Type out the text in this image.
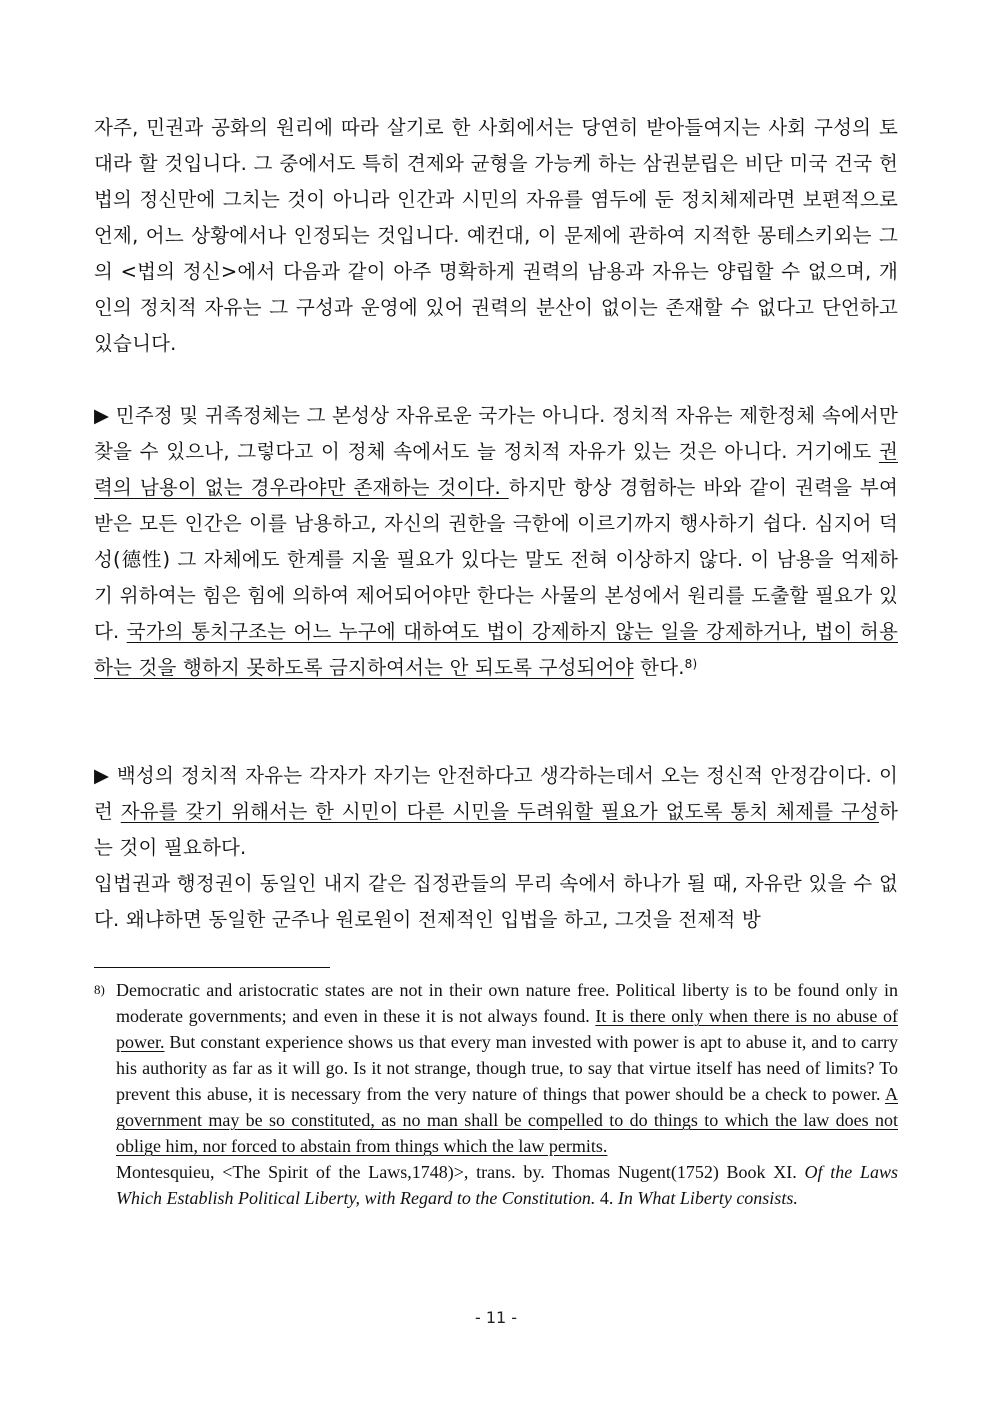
자주, 민권과 공화의 원리에 따라 살기로 한 사회에서는 당연히 받아들여지는 사회 구성의 토대라 할 것입니다. 그 중에서도 특히 견제와 균형을 가능케 하는 삼권분립은 비단 미국 건국 헌법의 정신만에 그치는 것이 아니라 인간과 시민의 자유를 염두에 둔 정치체제라면 보편적으로 언제, 어느 상황에서나 인정되는 것입니다. 예컨대, 이 문제에 관하여 지적한 몽테스키외는 그의 <법의 정신>에서 다음과 같이 아주 명확하게 권력의 남용과 자유는 양립할 수 없으며, 개인의 정치적 자유는 그 구성과 운영에 있어 권력의 분산이 없이는 존재할 수 없다고 단언하고 있습니다.

▶ 민주정 및 귀족정체는 그 본성상 자유로운 국가는 아니다. 정치적 자유는 제한정체 속에서만 찾을 수 있으나, 그렇다고 이 정체 속에서도 늘 정치적 자유가 있는 것은 아니다. 거기에도 권력의 남용이 없는 경우라야만 존재하는 것이다. 하지만 항상 경험하는 바와 같이 권력을 부여 받은 모든 인간은 이를 남용하고, 자신의 권한을 극한에 이르기까지 행사하기 쉽다. 심지어 덕성(德性) 그 자체에도 한계를 지울 필요가 있다는 말도 전혀 이상하지 않다. 이 남용을 억제하기 위하여는 힘은 힘에 의하여 제어되어야만 한다는 사물의 본성에서 원리를 도출할 필요가 있다. 국가의 통치구조는 어느 누구에 대하여도 법이 강제하지 않는 일을 강제하거나, 법이 허용하는 것을 행하지 못하도록 금지하여서는 안 되도록 구성되어야 한다.$^{8)}$

▶ 백성의 정치적 자유는 각자가 자기는 안전하다고 생각하는데서 오는 정신적 안정감이다. 이런 자유를 갖기 위해서는 한 시민이 다른 시민을 두려워할 필요가 없도록 통치 체제를 구성하는 것이 필요하다.

입법권과 행정권이 동일인 내지 같은 집정관들의 무리 속에서 하나가 될 때, 자유란 있을 수 없다. 왜냐하면 동일한 군주나 원로원이 전제적인 입법을 하고, 그것을 전제적 방

8) Democratic and aristocratic states are not in their own nature free. Political liberty is to be found only in moderate governments; and even in these it is not always found. It is there only when there is no abuse of power. But constant experience shows us that every man invested with power is apt to abuse it, and to carry his authority as far as it will go. Is it not strange, though true, to say that virtue itself has need of limits? To prevent this abuse, it is necessary from the very nature of things that power should be a check to power. A government may be so constituted, as no man shall be compelled to do things to which the law does not oblige him, nor forced to abstain from things which the law permits.

Montesquieu, <The Spirit of the Laws,1748)>, trans. by. Thomas Nugent(1752) Book XI. Of the Laws Which Establish Political Liberty, with Regard to the Constitution. 4. In What Liberty consists.

- 11 -
